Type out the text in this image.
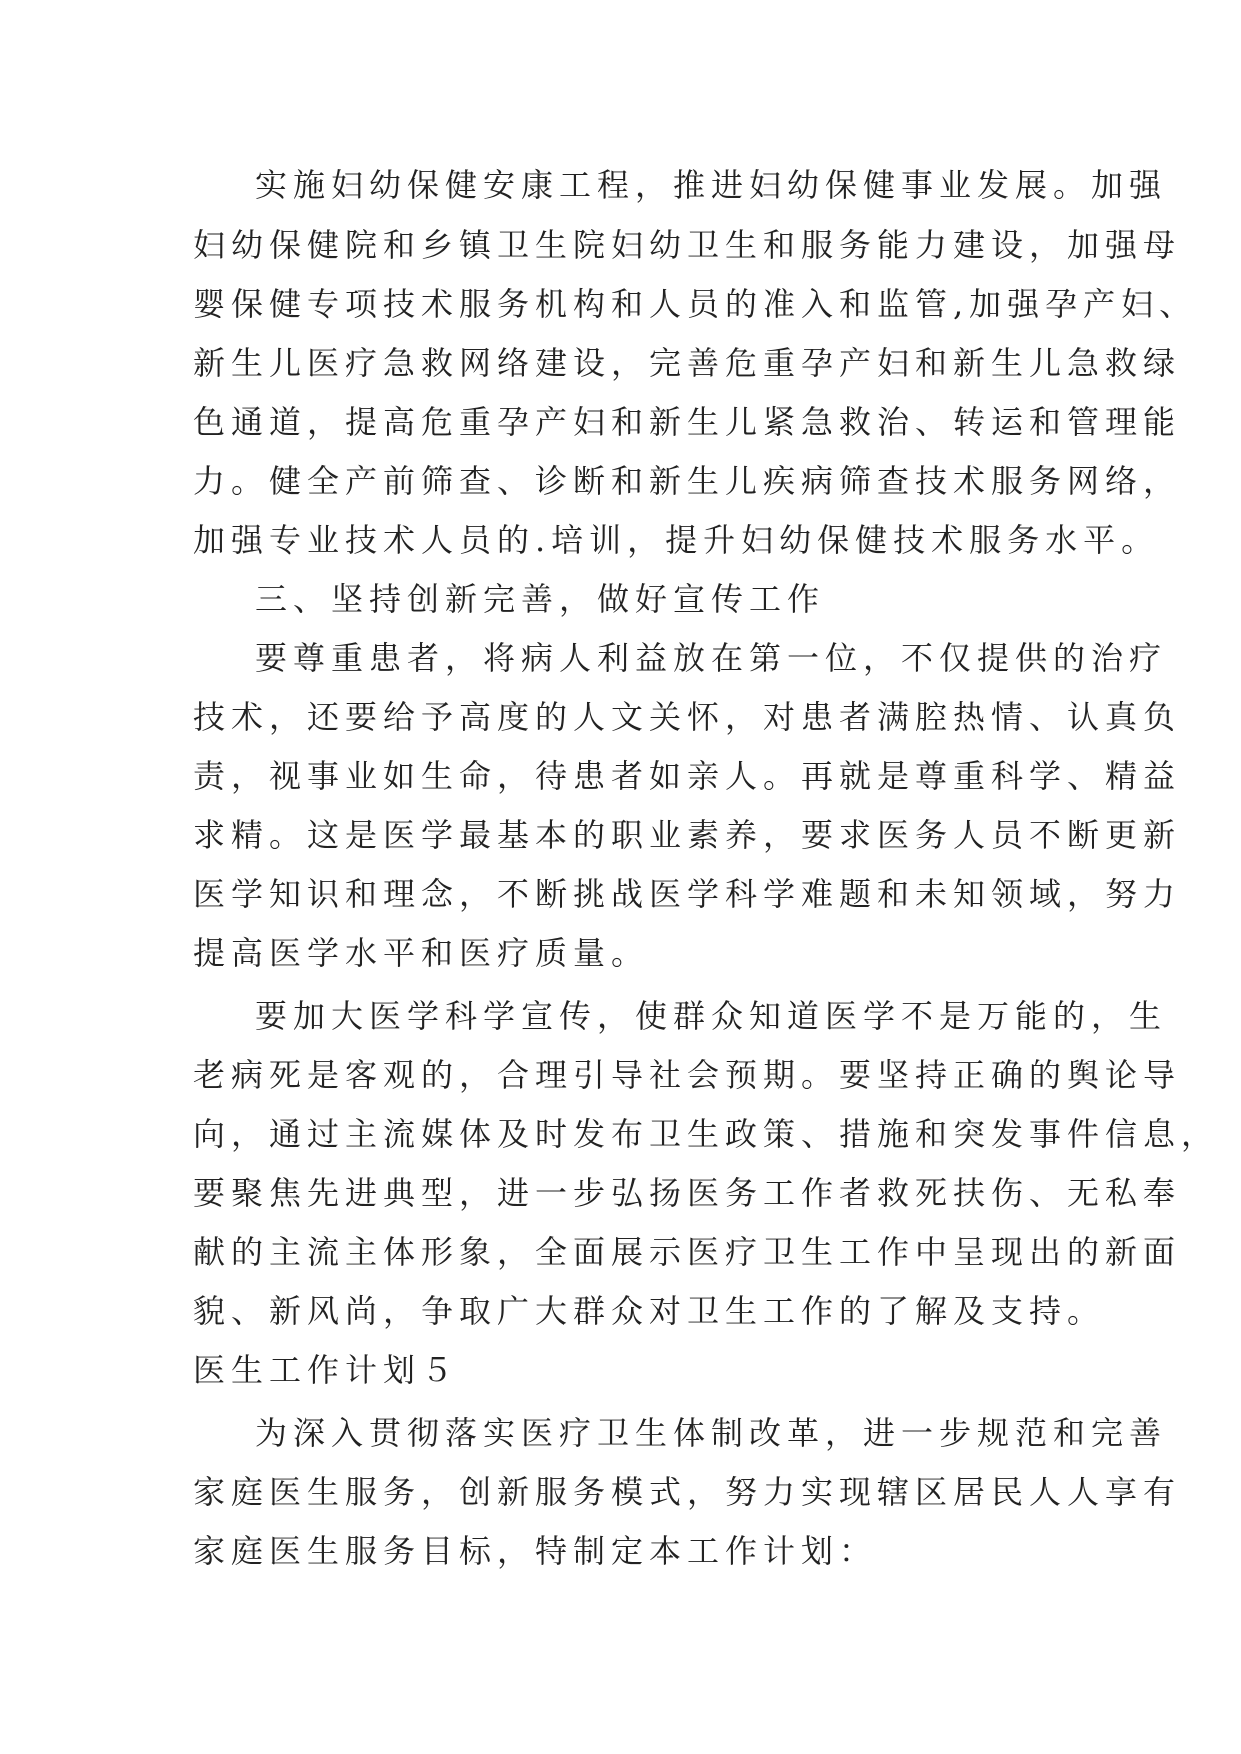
实施妇幼保健安康工程，推进妇幼保健事业发展。加强
妇幼保健院和乡镇卫生院妇幼卫生和服务能力建设，加强母
婴保健专项技术服务机构和人员的准入和监管,加强孕产妇、
新生儿医疗急救网络建设，完善危重孕产妇和新生儿急救绿
色通道，提高危重孕产妇和新生儿紧急救治、转运和管理能
力。健全产前筛查、诊断和新生儿疾病筛查技术服务网络，
加强专业技术人员的.培训，提升妇幼保健技术服务水平。
三、坚持创新完善，做好宣传工作
要尊重患者，将病人利益放在第一位，不仅提供的治疗
技术，还要给予高度的人文关怀，对患者满腔热情、认真负
责，视事业如生命，待患者如亲人。再就是尊重科学、精益
求精。这是医学最基本的职业素养，要求医务人员不断更新
医学知识和理念，不断挑战医学科学难题和未知领域，努力
提高医学水平和医疗质量。
要加大医学科学宣传，使群众知道医学不是万能的，生
老病死是客观的，合理引导社会预期。要坚持正确的舆论导
向，通过主流媒体及时发布卫生政策、措施和突发事件信息，
要聚焦先进典型，进一步弘扬医务工作者救死扶伤、无私奉
献的主流主体形象，全面展示医疗卫生工作中呈现出的新面
貌、新风尚，争取广大群众对卫生工作的了解及支持。
医生工作计划５
为深入贯彻落实医疗卫生体制改革，进一步规范和完善
家庭医生服务，创新服务模式，努力实现辖区居民人人享有
家庭医生服务目标，特制定本工作计划：
